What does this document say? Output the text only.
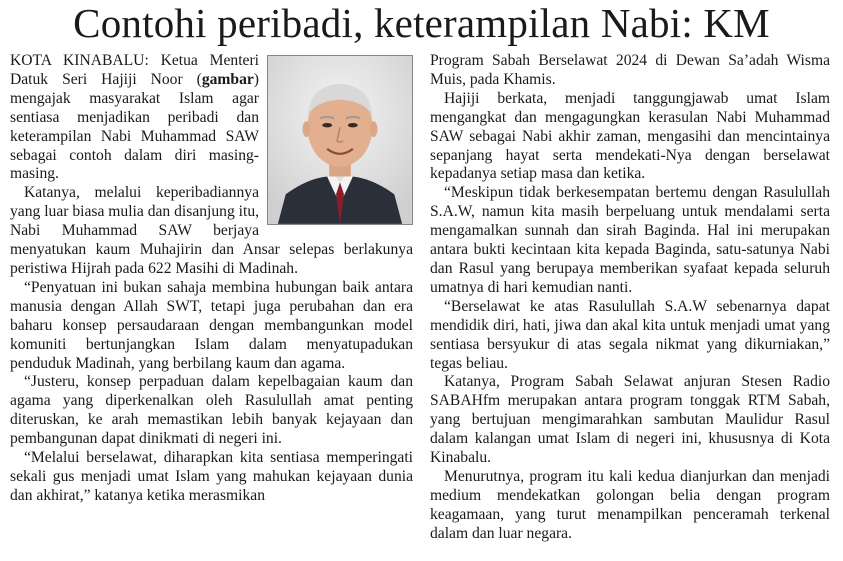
Contohi peribadi, keterampilan Nabi: KM

KOTA KINABALU: Ketua Menteri Datuk Seri Hajiji Noor (gambar) mengajak masyarakat Islam agar sentiasa menjadikan peribadi dan keterampilan Nabi Muhammad SAW sebagai contoh dalam diri masing-masing.

Katanya, melalui keperibadiannya yang luar biasa mulia dan disanjung itu, Nabi Muhammad SAW berjaya menyatukan kaum Muhajirin dan Ansar selepas berlakunya peristiwa Hijrah pada 622 Masihi di Madinah.

“Penyatuan ini bukan sahaja membina hubungan baik antara manusia dengan Allah SWT, tetapi juga perubahan dan era baharu konsep persaudaraan dengan membangunkan model komuniti bertunjangkan Islam dalam menyatupadukan penduduk Madinah, yang berbilang kaum dan agama.

“Justeru, konsep perpaduan dalam kepelbagaian kaum dan agama yang diperkenalkan oleh Rasulullah amat penting diteruskan, ke arah memastikan lebih banyak kejayaan dan pembangunan dapat dinikmati di negeri ini.

“Melalui berselawat, diharapkan kita sentiasa memperingati sekali gus menjadi umat Islam yang mahukan kejayaan dunia dan akhirat,” katanya ketika merasmikan

Program Sabah Berselawat 2024 di Dewan Sa’adah Wisma Muis, pada Khamis.

Hajiji berkata, menjadi tanggungjawab umat Islam mengangkat dan mengagungkan kerasulan Nabi Muhammad SAW sebagai Nabi akhir zaman, mengasihi dan mencintainya sepanjang hayat serta mendekati-Nya dengan berselawat kepadanya setiap masa dan ketika.

“Meskipun tidak berkesempatan bertemu dengan Rasulullah S.A.W, namun kita masih berpeluang untuk mendalami serta mengamalkan sunnah dan sirah Baginda. Hal ini merupakan antara bukti kecintaan kita kepada Baginda, satu-satunya Nabi dan Rasul yang berupaya memberikan syafaat kepada seluruh umatnya di hari kemudian nanti.

“Berselawat ke atas Rasulullah S.A.W sebenarnya dapat mendidik diri, hati, jiwa dan akal kita untuk menjadi umat yang sentiasa bersyukur di atas segala nikmat yang dikurniakan,” tegas beliau.

Katanya, Program Sabah Selawat anjuran Stesen Radio SABAHfm merupakan antara program tonggak RTM Sabah, yang bertujuan mengimarahkan sambutan Maulidur Rasul dalam kalangan umat Islam di negeri ini, khususnya di Kota Kinabalu.

Menurutnya, program itu kali kedua dianjurkan dan menjadi medium mendekatkan golongan belia dengan program keagamaan, yang turut menampilkan penceramah terkenal dalam dan luar negara.
